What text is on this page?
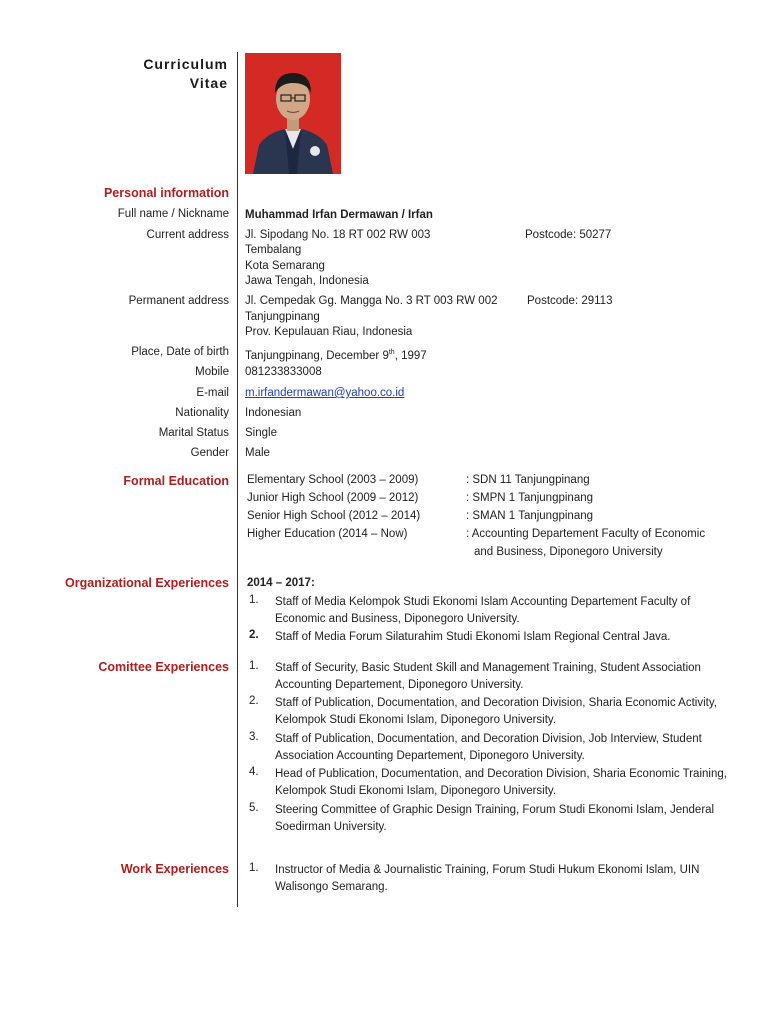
Curriculum
Vitae
Personal information
Full name / Nickname Muhammad Irfan Dermawan / Irfan
Current address Jl. Sipodang No. 18 RT 002 RW 003
Tembalang
Kota Semarang
Jawa Tengah, Indonesia
Postcode: 50277
Permanent address Jl. Cempedak Gg. Mangga No. 3 RT 003 RW 002
Tanjungpinang
Prov. Kepulauan Riau, Indonesia
Postcode: 29113
Place, Date of birth Tanjungpinang, December 9th, 1997
Mobile 081233833008
E-mail m.irfandermawan@yahoo.co.id
Nationality Indonesian
Marital Status Single
Gender Male
Formal Education Elementary School (2003 – 2009)	: SDN 11 Tanjungpinang
Junior High School (2009 – 2012)	: SMPN 1 Tanjungpinang
Senior High School (2012 – 2014)	: SMAN 1 Tanjungpinang
Higher Education (2014 – Now)	: Accounting Departement Faculty of Economic
and Business, Diponegoro University
Organizational Experiences 2014 – 2017:
1. Staff of Media Kelompok Studi Ekonomi Islam Accounting Departement Faculty of Economic and Business, Diponegoro University.
2. Staff of Media Forum Silaturahim Studi Ekonomi Islam Regional Central Java.
Comittee Experiences 1. Staff of Security, Basic Student Skill and Management Training, Student Association Accounting Departement, Diponegoro University.
2. Staff of Publication, Documentation, and Decoration Division, Sharia Economic Activity, Kelompok Studi Ekonomi Islam, Diponegoro University.
3. Staff of Publication, Documentation, and Decoration Division, Job Interview, Student Association Accounting Departement, Diponegoro University.
4. Head of Publication, Documentation, and Decoration Division, Sharia Economic Training, Kelompok Studi Ekonomi Islam, Diponegoro University.
5. Steering Committee of Graphic Design Training, Forum Studi Ekonomi Islam, Jenderal Soedirman University.
Work Experiences 1. Instructor of Media & Journalistic Training, Forum Studi Hukum Ekonomi Islam, UIN Walisongo Semarang.
